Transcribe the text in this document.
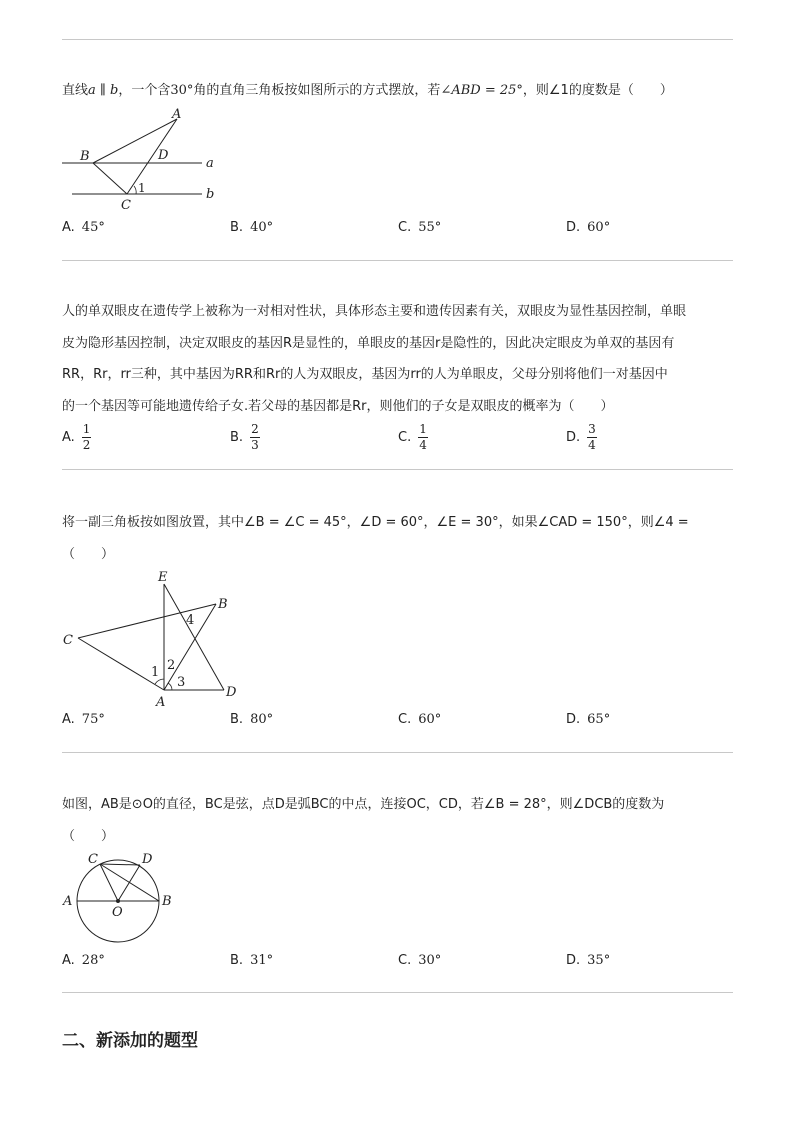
直线a ∥ b，一个含30°角的直角三角板按如图所示的方式摆放，若∠ABD = 25°，则∠1的度数是（　　）
A
B	D
a
1	b
C
A. 45°	B. 40°	C. 55°	D. 60°
人的单双眼皮在遗传学上被称为一对相对性状，具体形态主要和遗传因素有关，双眼皮为显性基因控制，单眼
皮为隐形基因控制，决定双眼皮的基因R是显性的，单眼皮的基因r是隐性的，因此决定眼皮为单双的基因有
RR，Rr，rr三种，其中基因为RR和Rr的人为双眼皮，基因为rr的人为单眼皮，父母分别将他们一对基因中
的一个基因等可能地遗传给子女.若父母的基因都是Rr，则他们的子女是双眼皮的概率为（　　）
A. $\frac{1}{2}$	B. $\frac{2}{3}$	C. $\frac{1}{4}$	D. $\frac{3}{4}$
将一副三角板按如图放置，其中∠B = ∠C = 45°，∠D = 60°，∠E = 30°，如果∠CAD = 150°，则∠4 =
（　　）
E
B
4
C
2
1
3
D
A
A. 75°	B. 80°	C. 60°	D. 65°
如图，AB是⊙O的直径，BC是弦，点D是弧BC的中点，连接OC，CD，若∠B = 28°，则∠DCB的度数为
（　　）
C	D
A	B
O
A. 28°	B. 31°	C. 30°	D. 35°
二、新添加的题型
